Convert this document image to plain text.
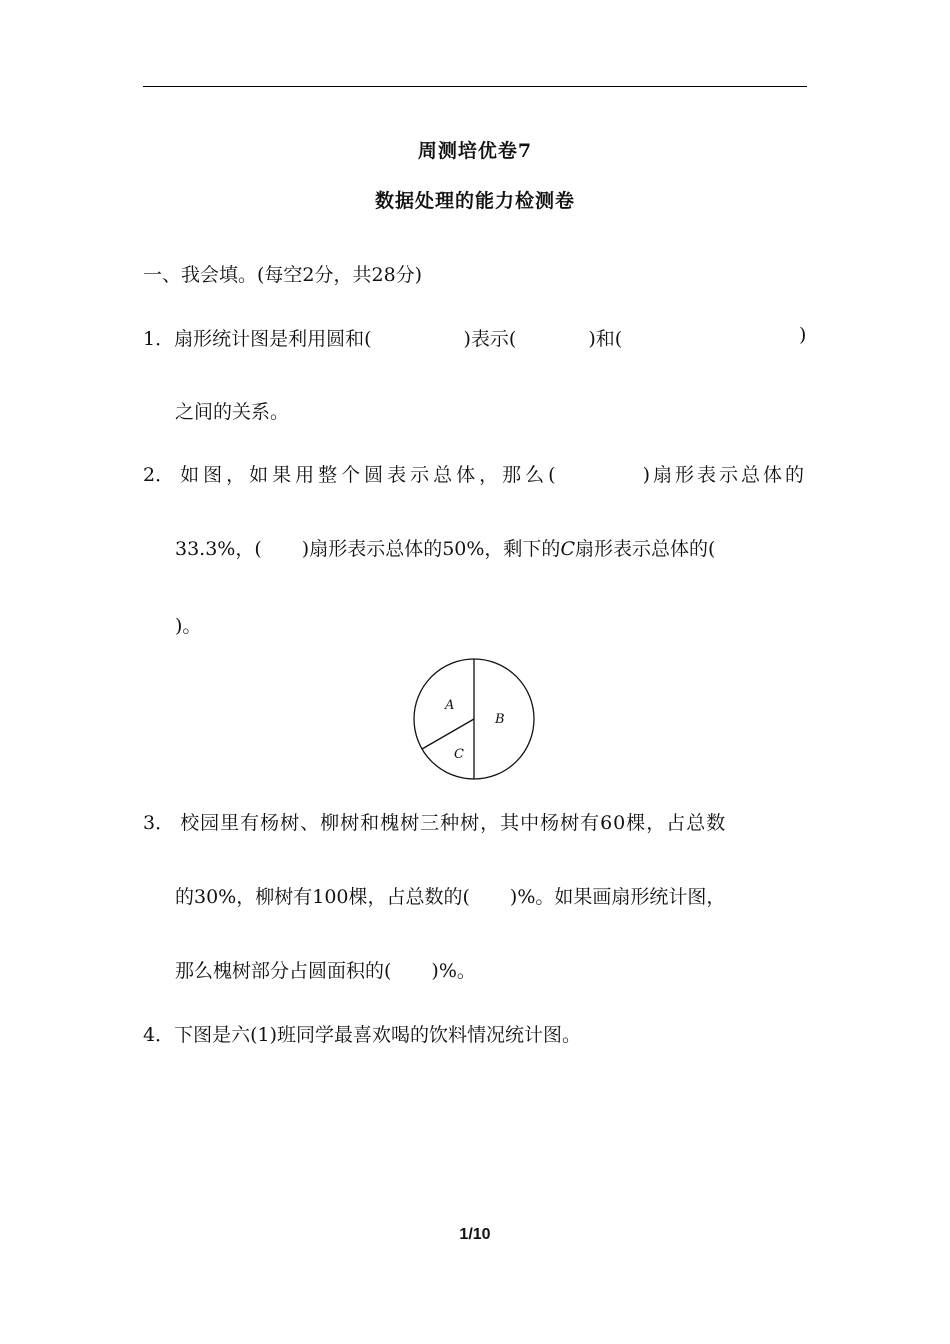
周测培优卷7
数据处理的能力检测卷
一、我会填。(每空2分，共28分)
1．扇形统计图是利用圆和(	)表示(	)和(	)
之间的关系。
2． 如图，如果用整个圆表示总体，那么(	)扇形表示总体的
33.3%，( )扇形表示总体的50%，剩下的C扇形表示总体的(
)。
A
B
C
3． 校园里有杨树、柳树和槐树三种树，其中杨树有60棵，占总数
的30%，柳树有100棵，占总数的( )%。如果画扇形统计图，
那么槐树部分占圆面积的( )%。
4．下图是六(1)班同学最喜欢喝的饮料情况统计图。
1/10
